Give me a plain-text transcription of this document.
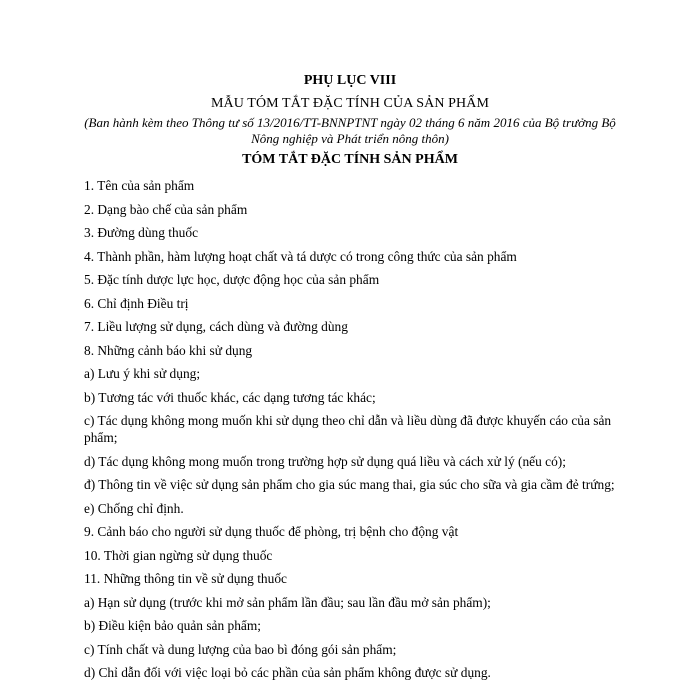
PHỤ LỤC VIII
MẪU TÓM TẮT ĐẶC TÍNH CỦA SẢN PHẨM
(Ban hành kèm theo Thông tư số 13/2016/TT-BNNPTNT ngày 02 tháng 6 năm 2016 của Bộ trưởng Bộ Nông nghiệp và Phát triển nông thôn)
TÓM TẮT ĐẶC TÍNH SẢN PHẨM
1. Tên của sản phẩm
2. Dạng bào chế của sản phẩm
3. Đường dùng thuốc
4. Thành phần, hàm lượng hoạt chất và tá dược có trong công thức của sản phẩm
5. Đặc tính dược lực học, dược động học của sản phẩm
6. Chỉ định Điều trị
7. Liều lượng sử dụng, cách dùng và đường dùng
8. Những cảnh báo khi sử dụng
a) Lưu ý khi sử dụng;
b) Tương tác với thuốc khác, các dạng tương tác khác;
c) Tác dụng không mong muốn khi sử dụng theo chỉ dẫn và liều dùng đã được khuyến cáo của sản phẩm;
d) Tác dụng không mong muốn trong trường hợp sử dụng quá liều và cách xử lý (nếu có);
đ) Thông tin về việc sử dụng sản phẩm cho gia súc mang thai, gia súc cho sữa và gia cầm đẻ trứng;
e) Chống chỉ định.
9. Cảnh báo cho người sử dụng thuốc để phòng, trị bệnh cho động vật
10. Thời gian ngừng sử dụng thuốc
11. Những thông tin về sử dụng thuốc
a) Hạn sử dụng (trước khi mở sản phẩm lần đầu; sau lần đầu mở sản phẩm);
b) Điều kiện bảo quản sản phẩm;
c) Tính chất và dung lượng của bao bì đóng gói sản phẩm;
d) Chỉ dẫn đối với việc loại bỏ các phần của sản phẩm không được sử dụng.
